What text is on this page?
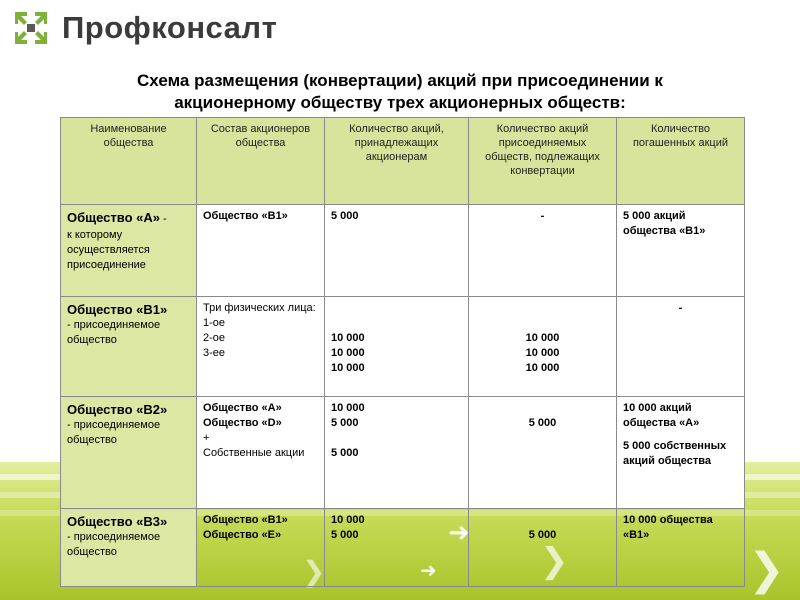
➜
➜	❯	❯
❯
Профконсалт
Схема размещения (конвертации) акций при присоединении к
акционерному обществу трех акционерных обществ:
Наименование общества	Состав акционеров общества	Количество акций, принадлежащих акционерам	Количество акций присоединяемых обществ, подлежащих конвертации	Количество погашенных акций

Общество «А» -
к которому осуществляется присоединение	Общество «В1»	5 000	-	5 000 акций общества «В1»

Общество «В1»
- присоединяемое общество	Три физических лица:
1-ое
2-ое
3-ее	10 000
10 000
10 000	10 000
10 000
10 000	-

Общество «В2»
- присоединяемое общество	Общество «А»
Общество «D»
+
Собственные акции	10 000
5 000
5 000	5 000	10 000 акций общества «А»
5 000 собственных акций общества

Общество «В3»
- присоединяемое общество	Общество «В1»
Общество «Е»	10 000
5 000	5 000	10 000 общества «В1»
